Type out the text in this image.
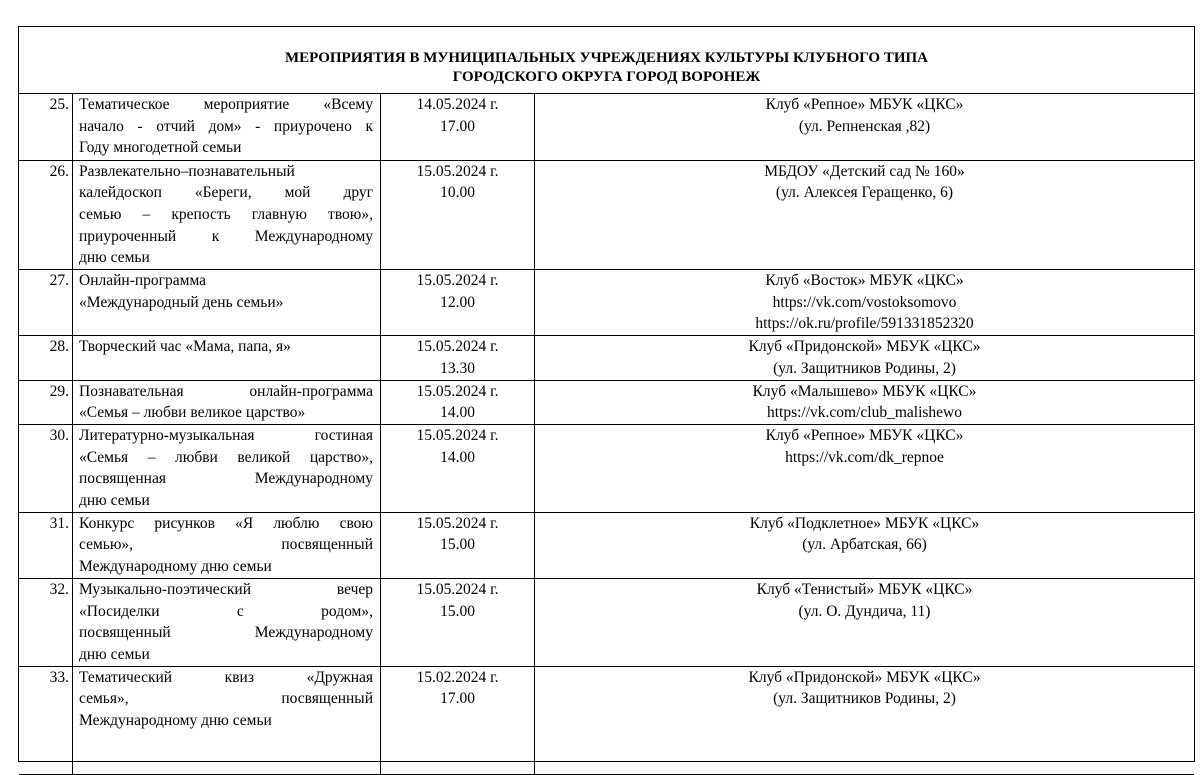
МЕРОПРИЯТИЯ В МУНИЦИПАЛЬНЫХ УЧРЕЖДЕНИЯХ КУЛЬТУРЫ КЛУБНОГО ТИПА
ГОРОДСКОГО ОКРУГА ГОРОД ВОРОНЕЖ
25.	Тематическое мероприятие «Всему
начало - отчий дом» - приурочено к
Году многодетной семьи	14.05.2024 г.
17.00	Клуб «Репное» МБУК «ЦКС»
(ул. Репненская ,82)

26.	Развлекательно–познавательный
калейдоскоп «Береги, мой друг
семью – крепость главную твою»,
приуроченный к Международному
дню семьи	15.05.2024 г.
10.00	МБДОУ «Детский сад № 160»
(ул. Алексея Геращенко, 6)

27.	Онлайн-программа
«Международный день семьи»	15.05.2024 г.
12.00	Клуб «Восток» МБУК «ЦКС»
https://vk.com/vostoksomovo
https://ok.ru/profile/591331852320

28.	Творческий час «Мама, папа, я»	15.05.2024 г.
13.30	Клуб «Придонской» МБУК «ЦКС»
(ул. Защитников Родины, 2)

29.	Познавательная онлайн-программа
«Семья – любви великое царство»	15.05.2024 г.
14.00	Клуб «Малышево» МБУК «ЦКС»
https://vk.com/club_malishewo

30.	Литературно-музыкальная гостиная
«Семья – любви великой царство»,
посвященная Международному
дню семьи	15.05.2024 г.
14.00	Клуб «Репное» МБУК «ЦКС»
https://vk.com/dk_repnoe

31.	Конкурс рисунков «Я люблю свою
семью», посвященный
Международному дню семьи	15.05.2024 г.
15.00	Клуб «Подклетное» МБУК «ЦКС»
(ул. Арбатская, 66)

32.	Музыкально-поэтический вечер
«Посиделки с родом»,
посвященный Международному
дню семьи	15.05.2024 г.
15.00	Клуб «Тенистый» МБУК «ЦКС»
(ул. О. Дундича, 11)

33.	Тематический квиз «Дружная
семья», посвященный
Международному дню семьи	15.02.2024 г.
17.00	Клуб «Придонской» МБУК «ЦКС»
(ул. Защитников Родины, 2)
